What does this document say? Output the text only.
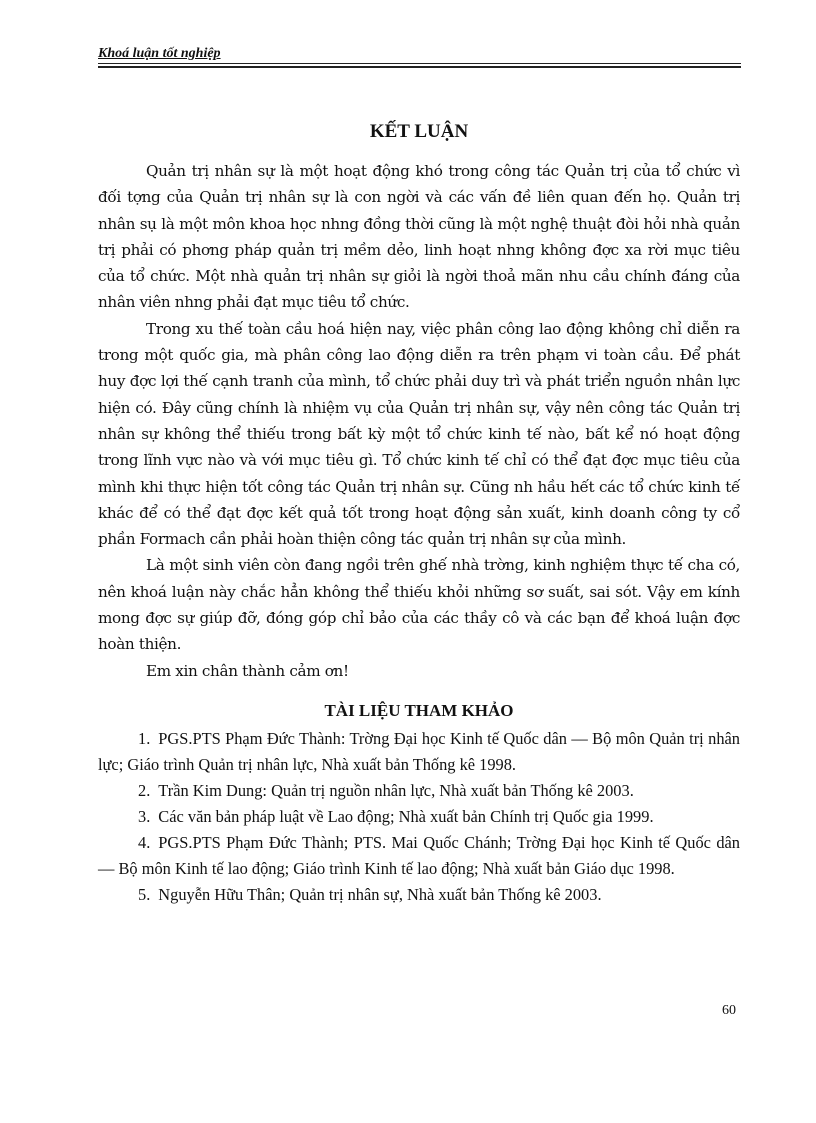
Khoá luận tốt nghiệp
KẾT LUẬN

Quản trị nhân sự là một hoạt động khó trong công tác Quản trị của tổ chức vì đối tợng của Quản trị nhân sự là con ngời và các vấn đề liên quan đến họ. Quản trị nhân sụ là một môn khoa học nhng đồng thời cũng là một nghệ thuật đòi hỏi nhà quản trị phải có phơng pháp quản trị mềm dẻo, linh hoạt nhng không đợc xa rời mục tiêu của tổ chức. Một nhà quản trị nhân sự giỏi là ngời thoả mãn nhu cầu chính đáng của nhân viên nhng phải đạt mục tiêu tổ chức.

Trong xu thế toàn cầu hoá hiện nay, việc phân công lao động không chỉ diễn ra trong một quốc gia, mà phân công lao động diễn ra trên phạm vi toàn cầu. Để phát huy đợc lợi thế cạnh tranh của mình, tổ chức phải duy trì và phát triển nguồn nhân lực hiện có. Đây cũng chính là nhiệm vụ của Quản trị nhân sự, vậy nên công tác Quản trị nhân sự không thể thiếu trong bất kỳ một tổ chức kinh tế nào, bất kể nó hoạt động trong lĩnh vực nào và với mục tiêu gì. Tổ chức kinh tế chỉ có thể đạt đợc mục tiêu của mình khi thực hiện tốt công tác Quản trị nhân sự. Cũng nh hầu hết các tổ chức kinh tế khác để có thể đạt đợc kết quả tốt trong hoạt động sản xuất, kinh doanh công ty cổ phần Formach cần phải hoàn thiện công tác quản trị nhân sự của mình.

Là một sinh viên còn đang ngồi trên ghế nhà trờng, kinh nghiệm thực tế cha có, nên khoá luận này chắc hẳn không thể thiếu khỏi những sơ suất, sai sót. Vậy em kính mong đợc sự giúp đỡ, đóng góp chỉ bảo của các thầy cô và các bạn để khoá luận đợc hoàn thiện.

Em xin chân thành cảm ơn!

TÀI LIỆU THAM KHẢO
1. PGS.PTS Phạm Đức Thành: Trờng Đại học Kinh tế Quốc dân — Bộ môn Quản trị nhân lực; Giáo trình Quản trị nhân lực, Nhà xuất bản Thống kê 1998.
2. Trần Kim Dung: Quản trị nguồn nhân lực, Nhà xuất bản Thống kê 2003.
3. Các văn bản pháp luật về Lao động; Nhà xuất bản Chính trị Quốc gia 1999.
4. PGS.PTS Phạm Đức Thành; PTS. Mai Quốc Chánh; Trờng Đại học Kinh tế Quốc dân — Bộ môn Kinh tế lao động; Giáo trình Kinh tế lao động; Nhà xuất bản Giáo dục 1998.
5. Nguyễn Hữu Thân; Quản trị nhân sự, Nhà xuất bản Thống kê 2003.
60
